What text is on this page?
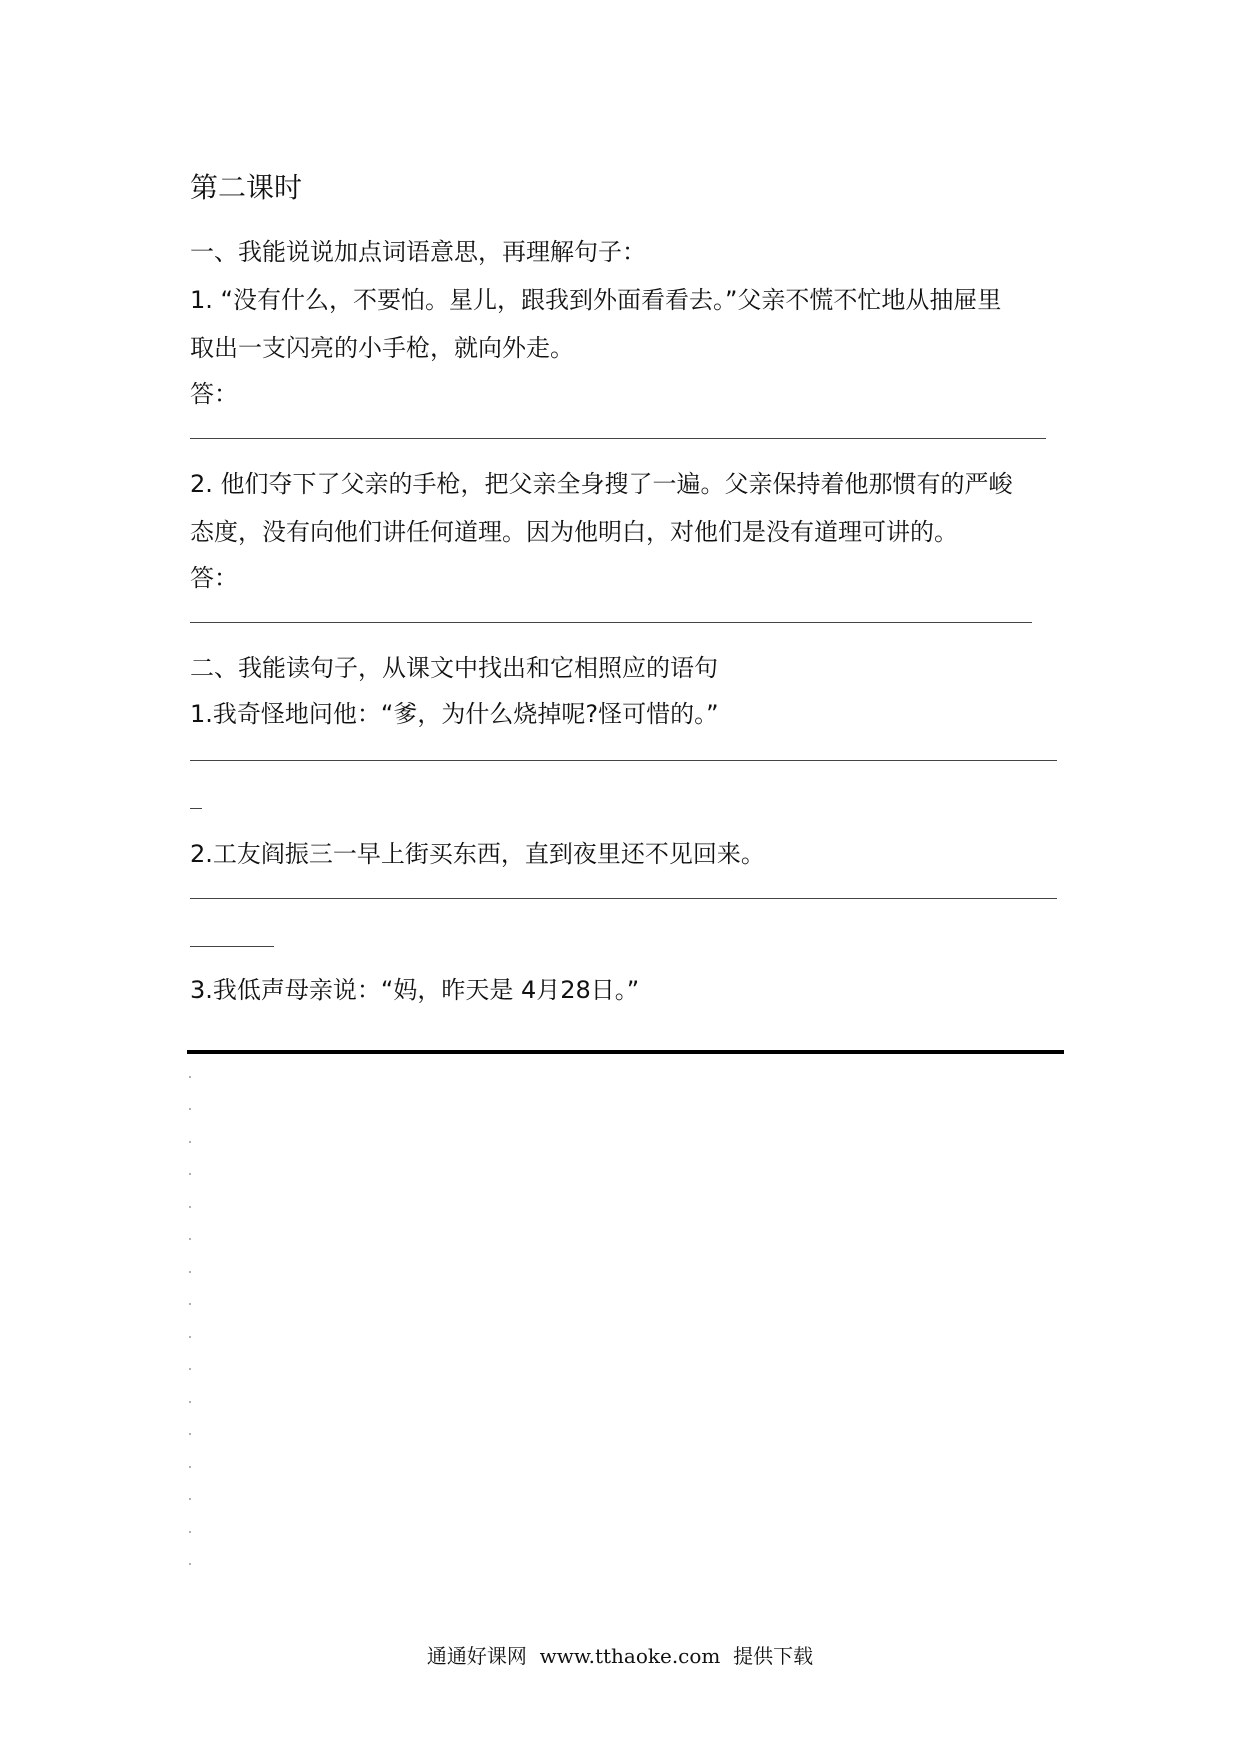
第二课时
一、我能说说加点词语意思，再理解句子：
1. “没有什么，不要怕。星儿，跟我到外面看看去。”父亲不慌不忙地从抽屉里
取出一支闪亮的小手枪，就向外走。
答：
2. 他们夺下了父亲的手枪，把父亲全身搜了一遍。父亲保持着他那惯有的严峻
态度，没有向他们讲任何道理。因为他明白，对他们是没有道理可讲的。
答：
二、我能读句子，从课文中找出和它相照应的语句
1.我奇怪地问他：“爹，为什么烧掉呢?怪可惜的。”
2.工友阎振三一早上街买东西，直到夜里还不见回来。
3.我低声母亲说：“妈，昨天是 4月28日。”
通通好课网  www.tthaoke.com  提供下载
